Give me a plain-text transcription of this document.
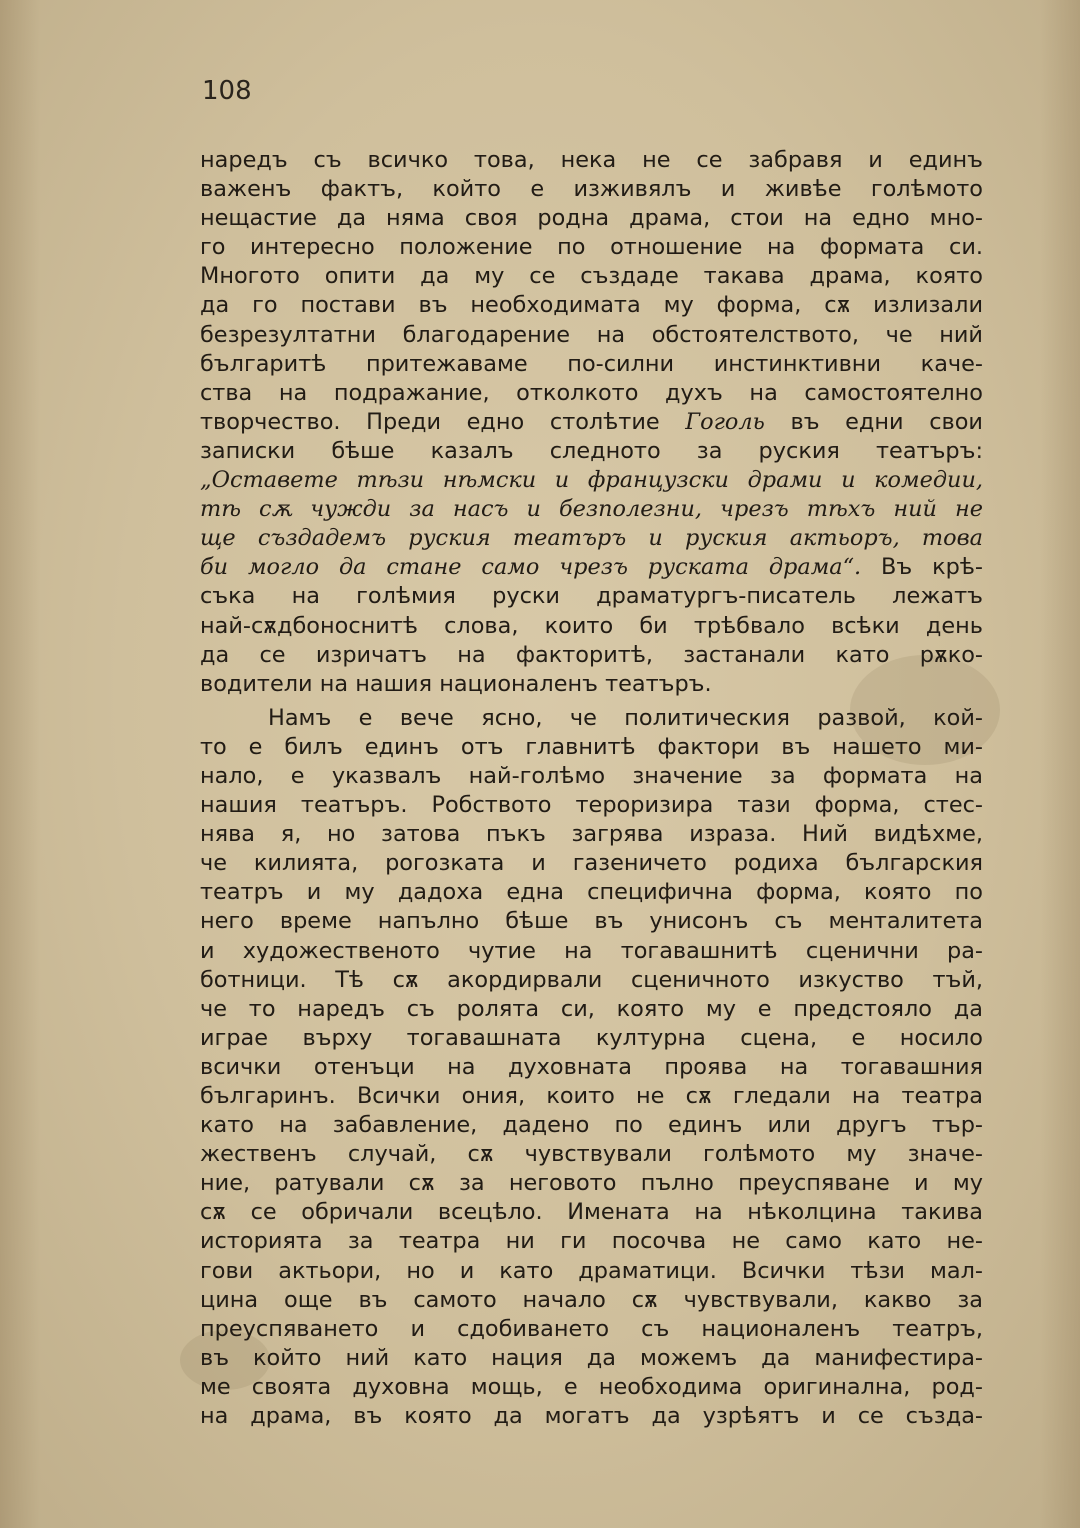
108
наредъ съ всичко това, нека не се забравя и единъ
важенъ фактъ, който е изживялъ и живѣе голѣмото
нещастие да няма своя родна драма, стои на едно мно-
го интересно положение по отношение на формата си.
Многото опити да му се създаде такава драма, която
да го постави въ необходимата му форма, сѫ излизали
безрезултатни благодарение на обстоятелството, че ний
българитѣ притежаваме по-силни инстинктивни каче-
ства на подражание, отколкото духъ на самостоятелно
творчество. Преди едно столѣтие Гоголь въ едни свои
записки бѣше казалъ следното за руския театъръ:
„Оставете тѣзи нѣмски и французски драми и комедии,
тѣ сѫ чужди за насъ и безполезни, чрезъ тѣхъ ний не
ще създадемъ руския театъръ и руския актьоръ, това
би могло да стане само чрезъ руската драма“. Въ крѣ-
съка на голѣмия руски драматургъ-писатель лежатъ
най-сѫдбоноснитѣ слова, които би трѣбвало всѣки день
да се изричатъ на факторитѣ, застанали като рѫко-
водители на нашия националенъ театъръ.
Намъ е вече ясно, че политическия развой, кой-
то е билъ единъ отъ главнитѣ фактори въ нашето ми-
нало, е указвалъ най-голѣмо значение за формата на
нашия театъръ. Робството тероризира тази форма, стес-
нява я, но затова пъкъ загрява израза. Ний видѣхме,
че килията, рогозката и газеничето родиха българския
театръ и му дадоха една специфична форма, която по
него време напълно бѣше въ унисонъ съ менталитета
и художественото чутие на тогавашнитѣ сценични ра-
ботници. Тѣ сѫ акордирвали сценичното изкуство тъй,
че то наредъ съ ролята си, която му е предстояло да
играе върху тогавашната културна сцена, е носило
всички отенъци на духовната проява на тогавашния
българинъ. Всички ония, които не сѫ гледали на театра
като на забавление, дадено по единъ или другъ тър-
жественъ случай, сѫ чувствували голѣмото му значе-
ние, ратували сѫ за неговото пълно преуспяване и му
сѫ се обричали всецѣло. Имената на нѣколцина такива
историята за театра ни ги посочва не само като не-
гови актьори, но и като драматици. Всички тѣзи мал-
цина още въ самото начало сѫ чувствували, какво за
преуспяването и сдобиването съ националенъ театръ,
въ който ний като нация да можемъ да манифестира-
ме своята духовна мощь, е необходима оригинална, род-
на драма, въ която да могатъ да узрѣятъ и се създа-
